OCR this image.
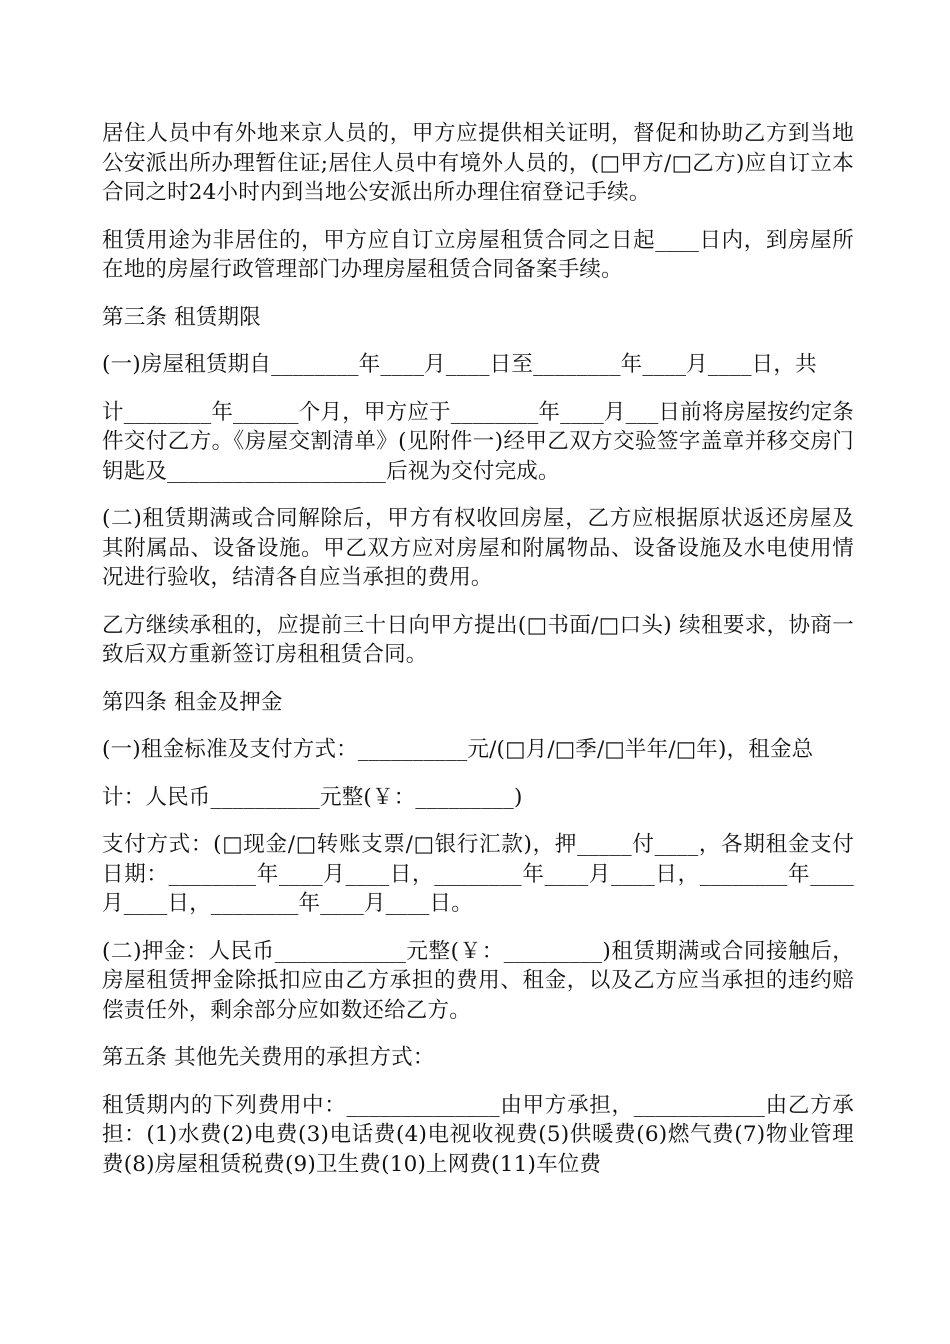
居住人员中有外地来京人员的，甲方应提供相关证明，督促和协助乙方到当地公安派出所办理暂住证;居住人员中有境外人员的，(□甲方/□乙方)应自订立本合同之时24小时内到当地公安派出所办理住宿登记手续。

租赁用途为非居住的，甲方应自订立房屋租赁合同之日起____日内，到房屋所在地的房屋行政管理部门办理房屋租赁合同备案手续。

第三条 租赁期限

(一)房屋租赁期自________年____月____日至________年____月____日，共

计________年______个月，甲方应于________年____月___日前将房屋按约定条件交付乙方。《房屋交割清单》(见附件一)经甲乙双方交验签字盖章并移交房门钥匙及____________________后视为交付完成。

(二)租赁期满或合同解除后，甲方有权收回房屋，乙方应根据原状返还房屋及其附属品、设备设施。甲乙双方应对房屋和附属物品、设备设施及水电使用情况进行验收，结清各自应当承担的费用。

乙方继续承租的，应提前三十日向甲方提出(□书面/□口头) 续租要求，协商一致后双方重新签订房租租赁合同。

第四条 租金及押金

(一)租金标准及支付方式：__________元/(□月/□季/□半年/□年)，租金总

计：人民币__________元整(￥：_________)

支付方式：(□现金/□转账支票/□银行汇款)，押_____付____，各期租金支付日期：________年____月____日，________年____月____日，________年____月____日，________年____月____日。

(二)押金：人民币____________元整(￥：_________)租赁期满或合同接触后，房屋租赁押金除抵扣应由乙方承担的费用、租金，以及乙方应当承担的违约赔偿责任外，剩余部分应如数还给乙方。

第五条 其他先关费用的承担方式：

租赁期内的下列费用中：______________由甲方承担，____________由乙方承担：(1)水费(2)电费(3)电话费(4)电视收视费(5)供暖费(6)燃气费(7)物业管理费(8)房屋租赁税费(9)卫生费(10)上网费(11)车位费
